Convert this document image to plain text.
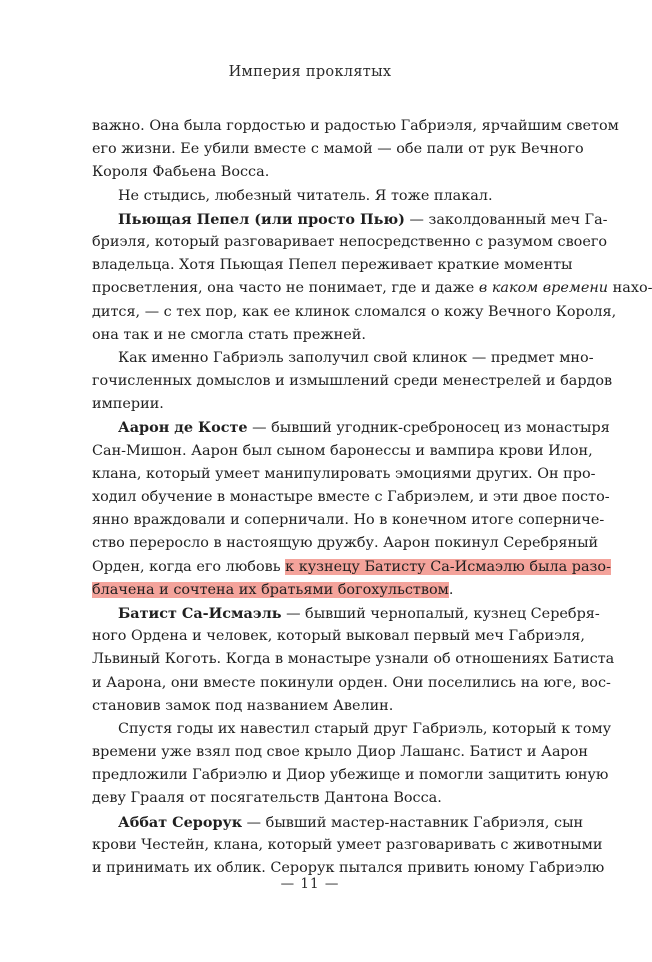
Империя проклятых
важно. Она была гордостью и радостью Габриэля, ярчайшим светом
его жизни. Ее убили вместе с мамой — обе пали от рук Вечного
Короля Фабьена Восса.
Не стыдись, любезный читатель. Я тоже плакал.
Пьющая Пепел (или просто Пью) — заколдованный меч Га-
бриэля, который разговаривает непосредственно с разумом своего
владельца. Хотя Пьющая Пепел переживает краткие моменты
просветления, она часто не понимает, где и даже в каком времени нахо-
дится, — с тех пор, как ее клинок сломался о кожу Вечного Короля,
она так и не смогла стать прежней.
Как именно Габриэль заполучил свой клинок — предмет мно-
гочисленных домыслов и измышлений среди менестрелей и бардов
империи.
Аарон де Косте — бывший угодник-среброносец из монастыря
Сан-Мишон. Аарон был сыном баронессы и вампира крови Илон,
клана, который умеет манипулировать эмоциями других. Он про-
ходил обучение в монастыре вместе с Габриэлем, и эти двое посто-
янно враждовали и соперничали. Но в конечном итоге соперниче-
ство переросло в настоящую дружбу. Аарон покинул Серебряный
Орден, когда его любовь к кузнецу Батисту Са-Исмаэлю была разо-
блачена и сочтена их братьями богохульством.
Батист Са-Исмаэль — бывший чернопалый, кузнец Серебря-
ного Ордена и человек, который выковал первый меч Габриэля,
Львиный Коготь. Когда в монастыре узнали об отношениях Батиста
и Аарона, они вместе покинули орден. Они поселились на юге, вос-
становив замок под названием Авелин.
Спустя годы их навестил старый друг Габриэль, который к тому
времени уже взял под свое крыло Диор Лашанс. Батист и Аарон
предложили Габриэлю и Диор убежище и помогли защитить юную
деву Грааля от посягательств Дантона Восса.
Аббат Серорук — бывший мастер-наставник Габриэля, сын
крови Честейн, клана, который умеет разговаривать с животными
и принимать их облик. Серорук пытался привить юному Габриэлю
— 11 —
